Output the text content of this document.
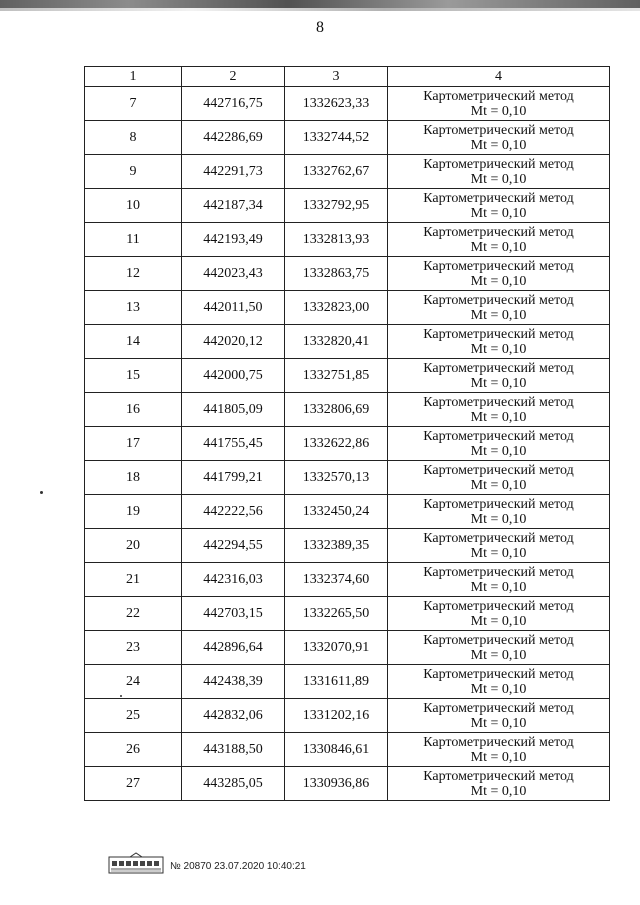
8
1	2	3	4
7	442716,75	1332623,33	Картометрический метод
Mt = 0,10

8	442286,69	1332744,52	Картометрический метод
Mt = 0,10

9	442291,73	1332762,67	Картометрический метод
Mt = 0,10

10	442187,34	1332792,95	Картометрический метод
Mt = 0,10

11	442193,49	1332813,93	Картометрический метод
Mt = 0,10

12	442023,43	1332863,75	Картометрический метод
Mt = 0,10

13	442011,50	1332823,00	Картометрический метод
Mt = 0,10

14	442020,12	1332820,41	Картометрический метод
Mt = 0,10

15	442000,75	1332751,85	Картометрический метод
Mt = 0,10

16	441805,09	1332806,69	Картометрический метод
Mt = 0,10

17	441755,45	1332622,86	Картометрический метод
Mt = 0,10

18	441799,21	1332570,13	Картометрический метод
Mt = 0,10

19	442222,56	1332450,24	Картометрический метод
Mt = 0,10

20	442294,55	1332389,35	Картометрический метод
Mt = 0,10

21	442316,03	1332374,60	Картометрический метод
Mt = 0,10

22	442703,15	1332265,50	Картометрический метод
Mt = 0,10

23	442896,64	1332070,91	Картометрический метод
Mt = 0,10

24	442438,39	1331611,89	Картометрический метод
Mt = 0,10

25	442832,06	1331202,16	Картометрический метод
Mt = 0,10

26	443188,50	1330846,61	Картометрический метод
Mt = 0,10

27	443285,05	1330936,86	Картометрический метод
Mt = 0,10
№ 20870 23.07.2020 10:40:21
